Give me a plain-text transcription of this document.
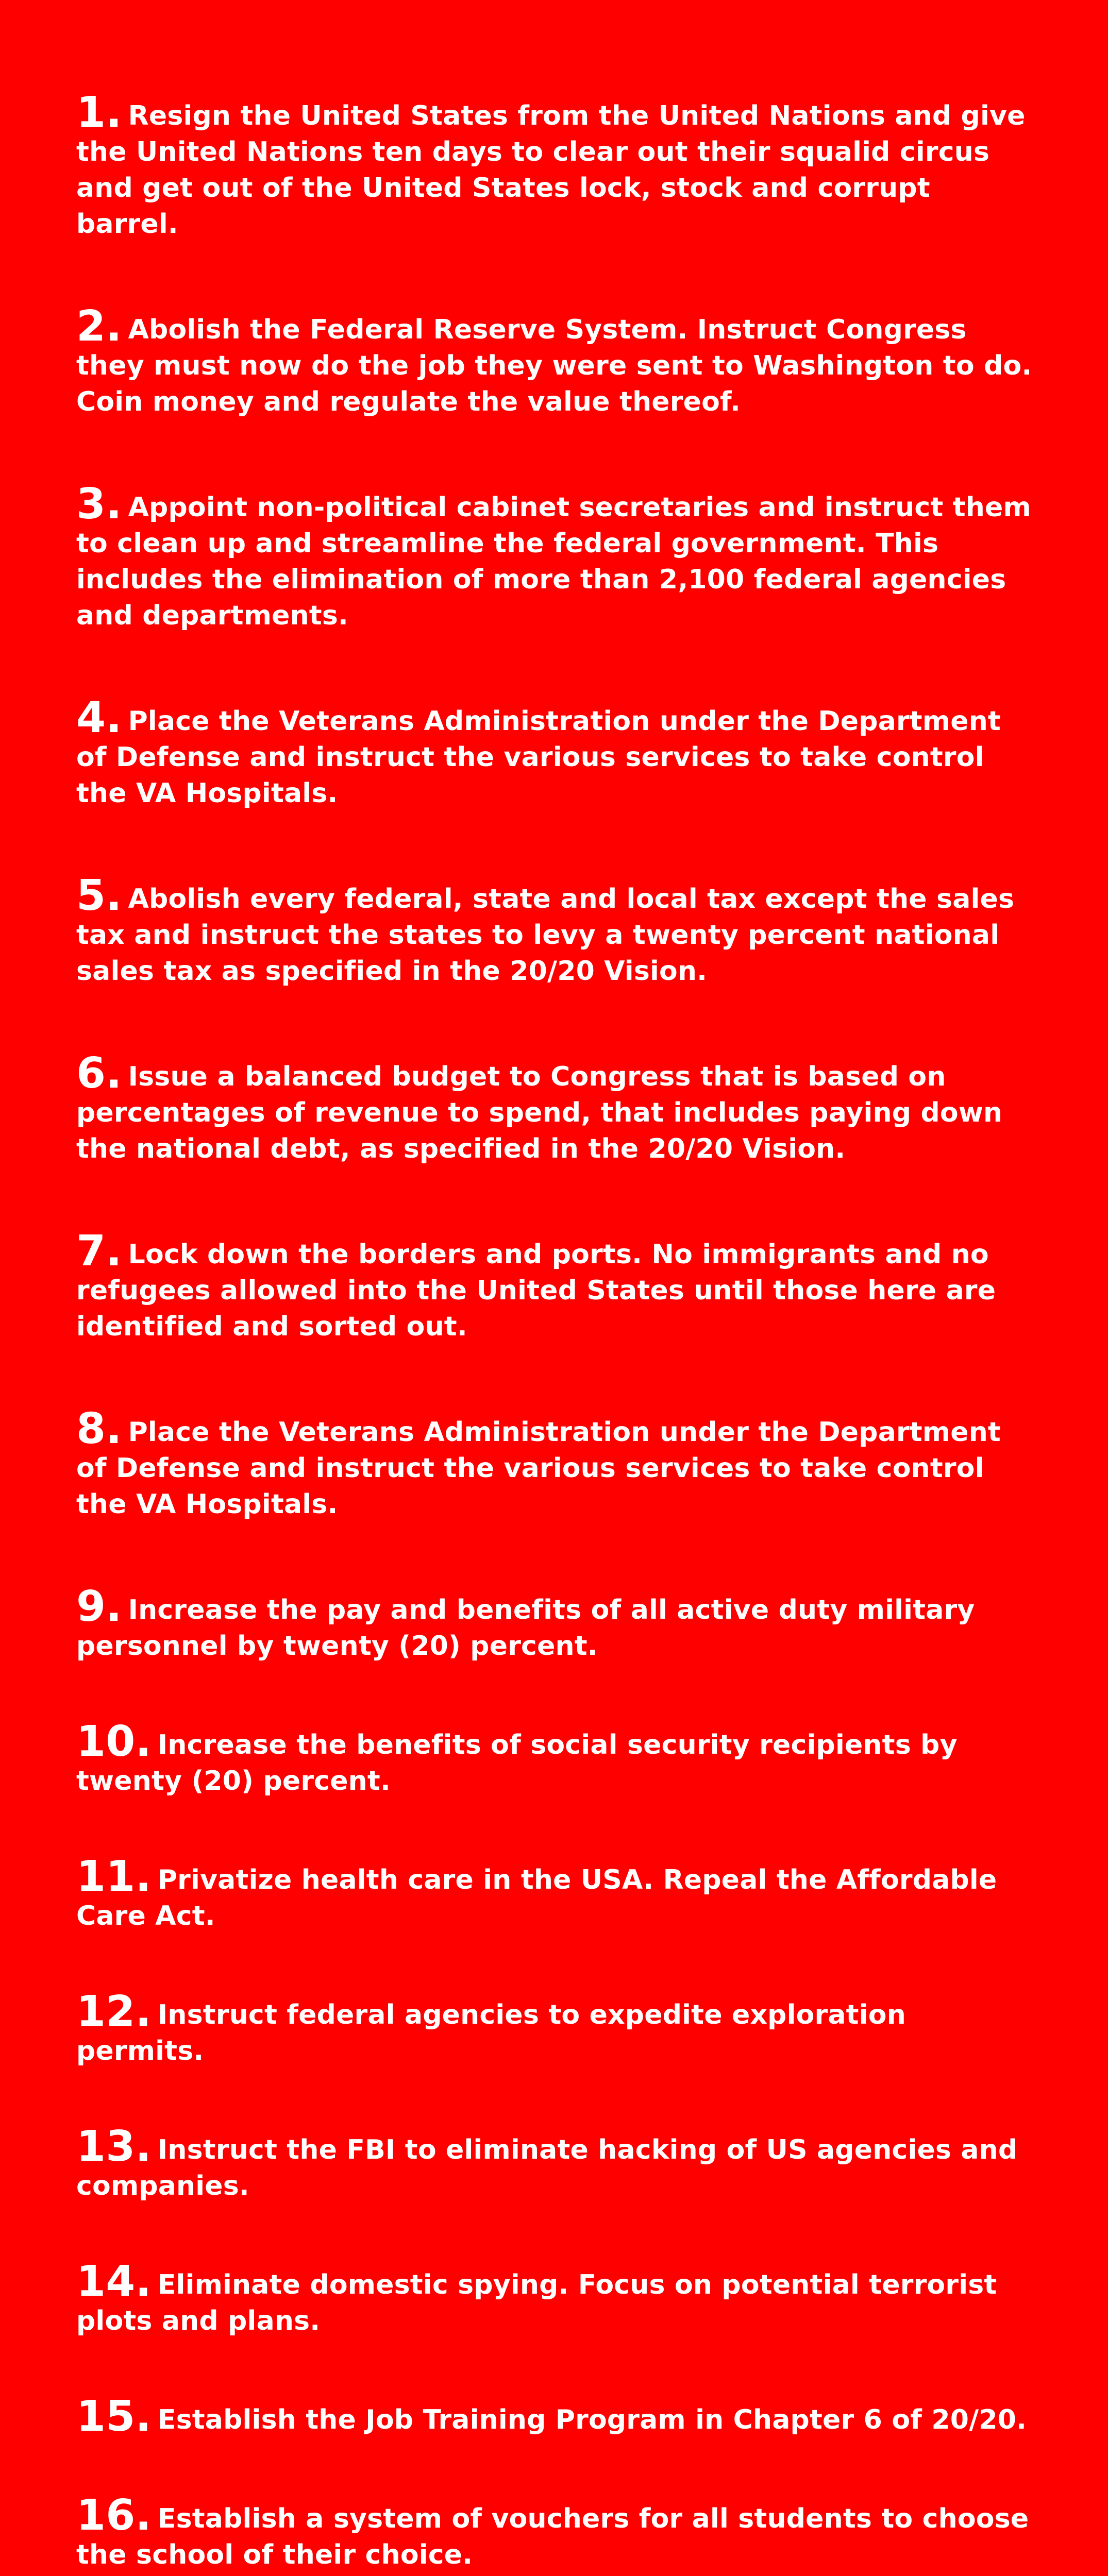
1. Resign the United States from the United Nations and give the United Nations ten days to clear out their squalid circus and get out of the United States lock, stock and corrupt barrel.
2. Abolish the Federal Reserve System. Instruct Congress they must now do the job they were sent to Washington to do. Coin money and regulate the value thereof.
3. Appoint non-political cabinet secretaries and instruct them to clean up and streamline the federal government. This includes the elimination of more than 2,100 federal agencies and departments.
4. Place the Veterans Administration under the Department of Defense and instruct the various services to take control the VA Hospitals.
5. Abolish every federal, state and local tax except the sales tax and instruct the states to levy a twenty percent national sales tax as specified in the 20/20 Vision.
6. Issue a balanced budget to Congress that is based on percentages of revenue to spend, that includes paying down the national debt, as specified in the 20/20 Vision.
7. Lock down the borders and ports. No immigrants and no refugees allowed into the United States until those here are identified and sorted out.
8. Place the Veterans Administration under the Department of Defense and instruct the various services to take control the VA Hospitals.
9. Increase the pay and benefits of all active duty military personnel by twenty (20) percent.
10. Increase the benefits of social security recipients by twenty (20) percent.
11. Privatize health care in the USA. Repeal the Affordable Care Act.
12. Instruct federal agencies to expedite exploration permits.
13. Instruct the FBI to eliminate hacking of US agencies and companies.
14. Eliminate domestic spying. Focus on potential terrorist plots and plans.
15. Establish the Job Training Program in Chapter 6 of 20/20.
16. Establish a system of vouchers for all students to choose the school of their choice.
